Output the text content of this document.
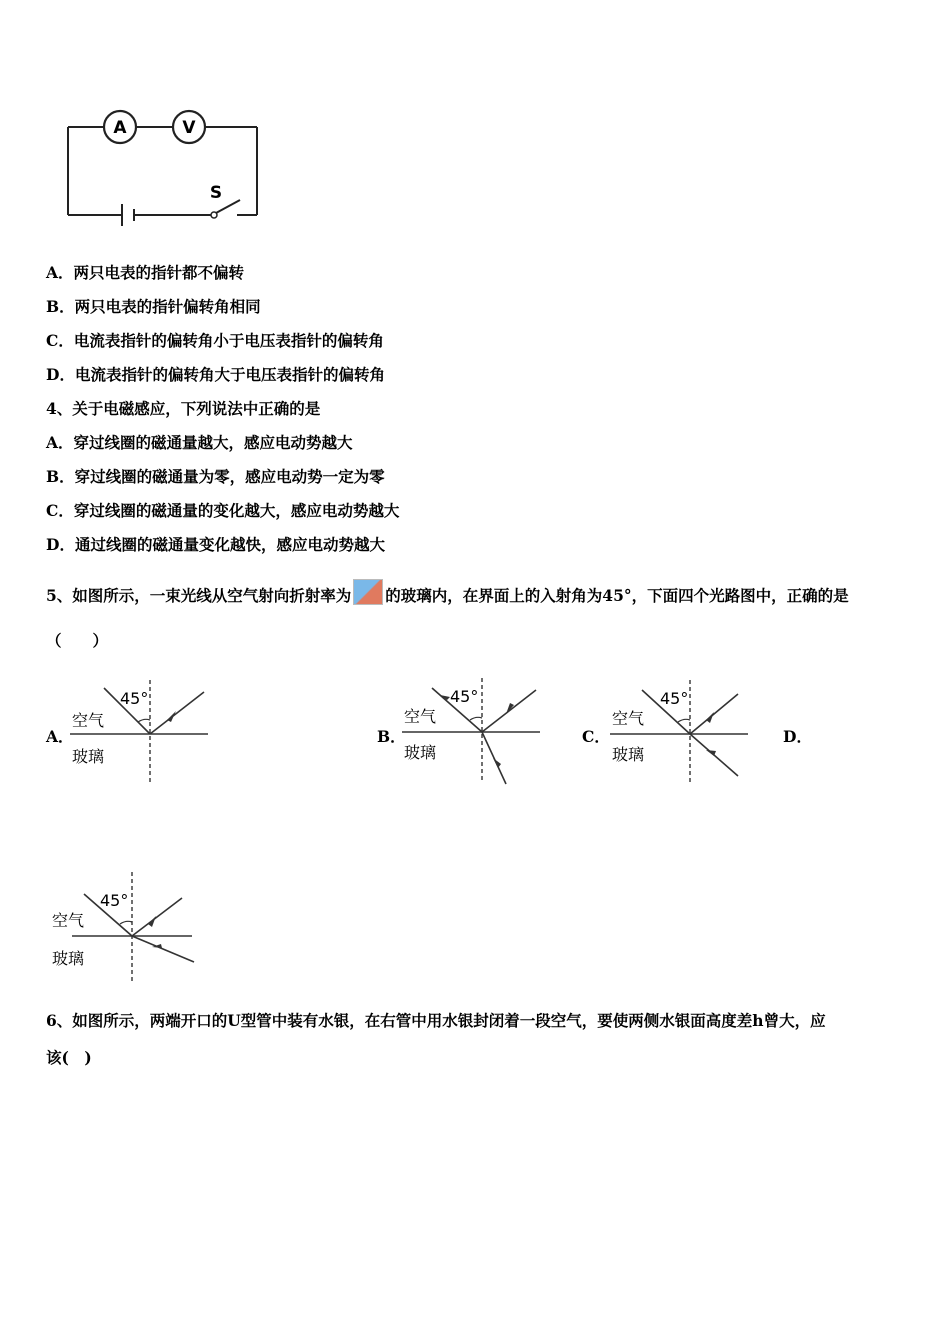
A	V
S
A．两只电表的指针都不偏转
B．两只电表的指针偏转角相同
C．电流表指针的偏转角小于电压表指针的偏转角
D．电流表指针的偏转角大于电压表指针的偏转角
4、关于电磁感应，下列说法中正确的是
A．穿过线圈的磁通量越大，感应电动势越大
B．穿过线圈的磁通量为零，感应电动势一定为零
C．穿过线圈的磁通量的变化越大，感应电动势越大
D．通过线圈的磁通量变化越快，感应电动势越大
5、如图所示，一束光线从空气射向折射率为 的玻璃内，在界面上的入射角为45°，下面四个光路图中，正确的是
（　　）
A．	B．	C．	D．
45°
空气
玻璃
45°
空气
玻璃
45°
空气
玻璃
45°
空气
玻璃
6、如图所示，两端开口的U型管中装有水银，在右管中用水银封闭着一段空气，要使两侧水银面高度差h曾大，应
该(　)
